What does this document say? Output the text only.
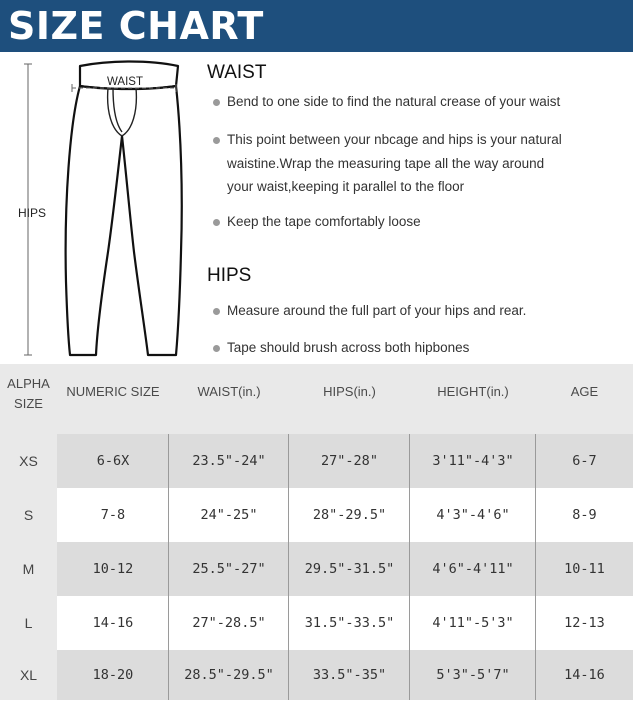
SIZE CHART
WAIST
HIPS
WAIST
Bend to one side to find the natural crease of your waist
This point between your nbcage and hips is your natural
waistine.Wrap the measuring tape all the way around
your waist,keeping it parallel to the floor
Keep the tape comfortably loose
HIPS
Measure around the full part of your hips and rear.
Tape should brush across both hipbones
ALPHA
SIZE
NUMERIC SIZE	WAIST(in.)	HIPS(in.)	HEIGHT(in.)	AGE
XS	6-6X	23.5"-24"	27"-28"	3'11"-4'3"	6-7
S	7-8	24"-25"	28"-29.5"	4'3"-4'6"	8-9
M	10-12	25.5"-27"	29.5"-31.5"	4'6"-4'11"	10-11
L	14-16	27"-28.5"	31.5"-33.5"	4'11"-5'3"	12-13
XL	18-20	28.5"-29.5"	33.5"-35"	5'3"-5'7"	14-16
